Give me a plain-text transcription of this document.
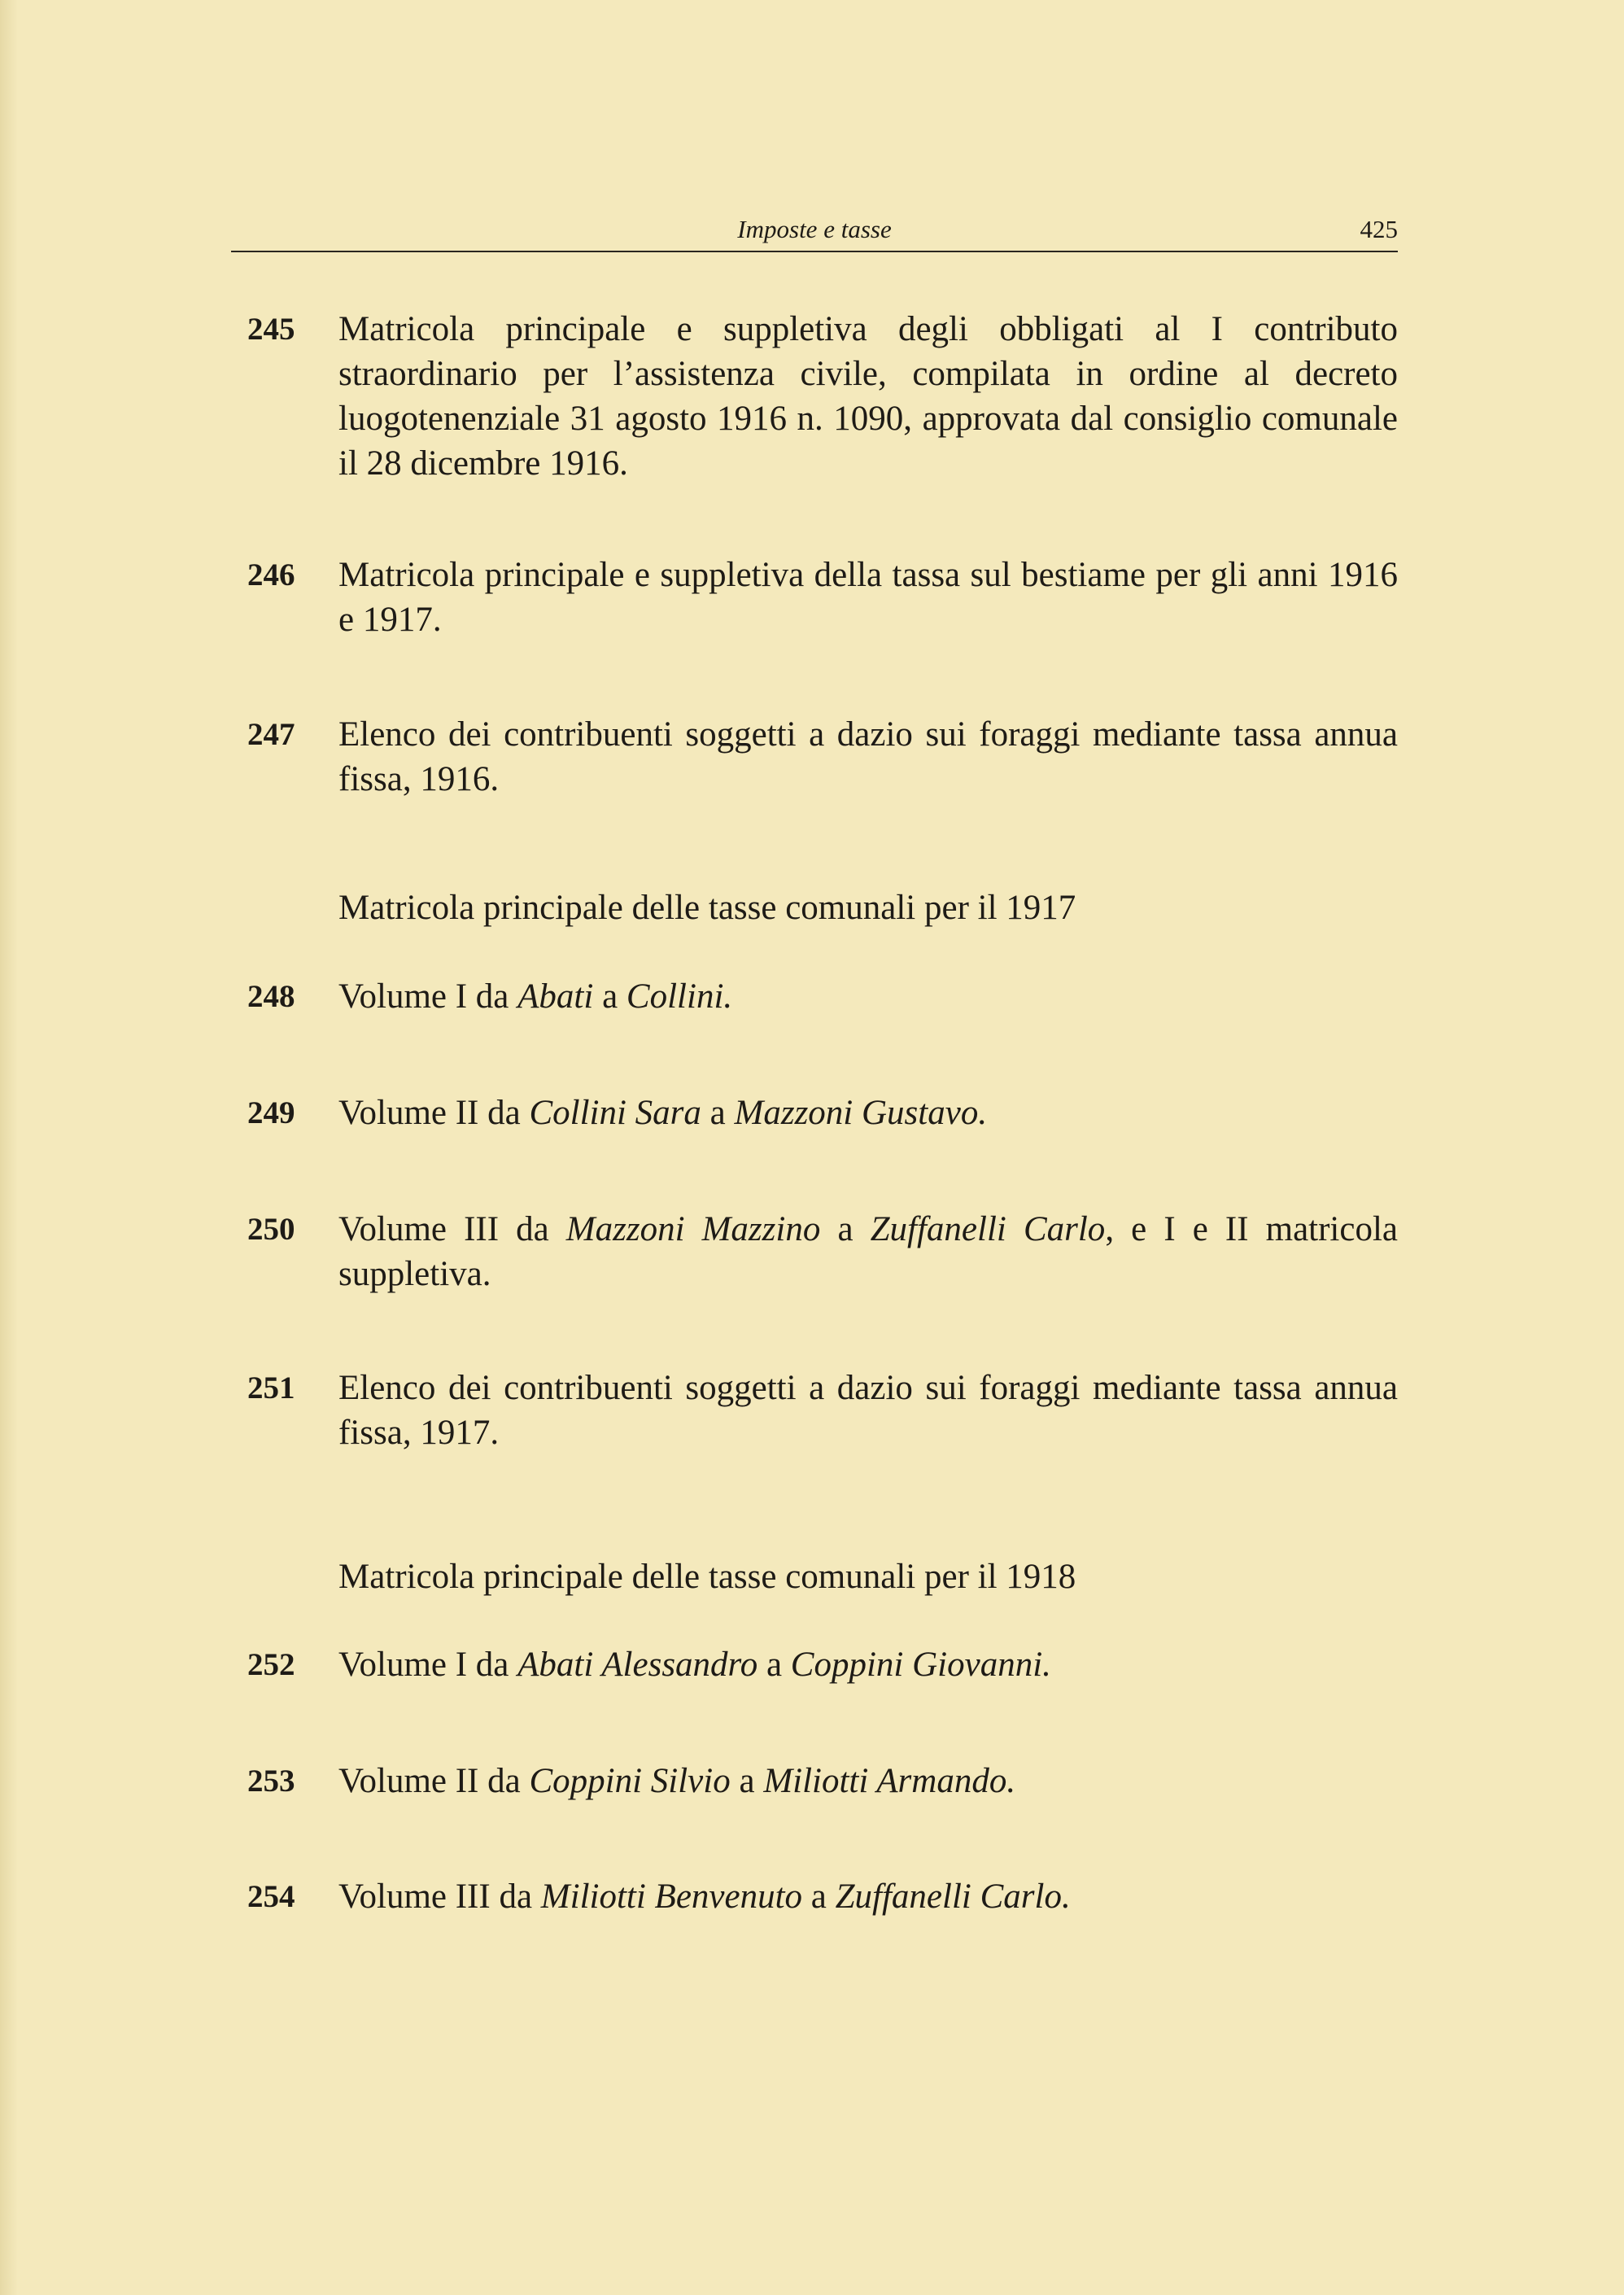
Imposte e tasse	425
245 Matricola principale e suppletiva degli obbligati al I contributo straordinario per l’assistenza civile, compilata in ordine al decreto luogotenenziale 31 agosto 1916 n. 1090, approvata dal consiglio comunale il 28 dicembre 1916.
246 Matricola principale e suppletiva della tassa sul bestiame per gli anni 1916 e 1917.
247 Elenco dei contribuenti soggetti a dazio sui foraggi mediante tassa annua fissa, 1916.
Matricola principale delle tasse comunali per il 1917
248 Volume I da Abati a Collini.
249 Volume II da Collini Sara a Mazzoni Gustavo.
250 Volume III da Mazzoni Mazzino a Zuffanelli Carlo, e I e II matricola suppletiva.
251 Elenco dei contribuenti soggetti a dazio sui foraggi mediante tassa annua fissa, 1917.
Matricola principale delle tasse comunali per il 1918
252 Volume I da Abati Alessandro a Coppini Giovanni.
253 Volume II da Coppini Silvio a Miliotti Armando.
254 Volume III da Miliotti Benvenuto a Zuffanelli Carlo.
